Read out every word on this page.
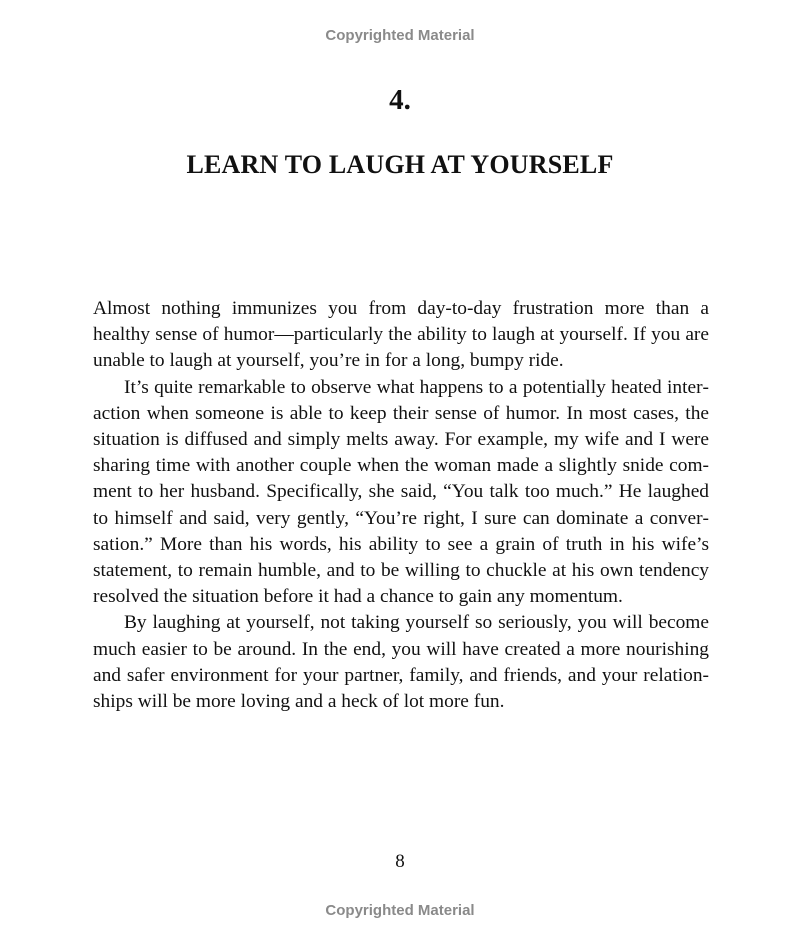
Copyrighted Material
4.
LEARN TO LAUGH AT YOURSELF

Almost nothing immunizes you from day-to-day frustration more than a healthy sense of humor—particularly the ability to laugh at yourself. If you are unable to laugh at yourself, you’re in for a long, bumpy ride.

It’s quite remarkable to observe what happens to a potentially heated interaction when someone is able to keep their sense of humor. In most cases, the situation is diffused and simply melts away. For example, my wife and I were sharing time with another couple when the woman made a slightly snide comment to her husband. Specifically, she said, “You talk too much.” He laughed to himself and said, very gently, “You’re right, I sure can dominate a conversation.” More than his words, his ability to see a grain of truth in his wife’s statement, to remain humble, and to be willing to chuckle at his own tendency resolved the situation before it had a chance to gain any momentum.

By laughing at yourself, not taking yourself so seriously, you will become much easier to be around. In the end, you will have created a more nourishing and safer environment for your partner, family, and friends, and your relationships will be more loving and a heck of lot more fun.

8
Copyrighted Material
